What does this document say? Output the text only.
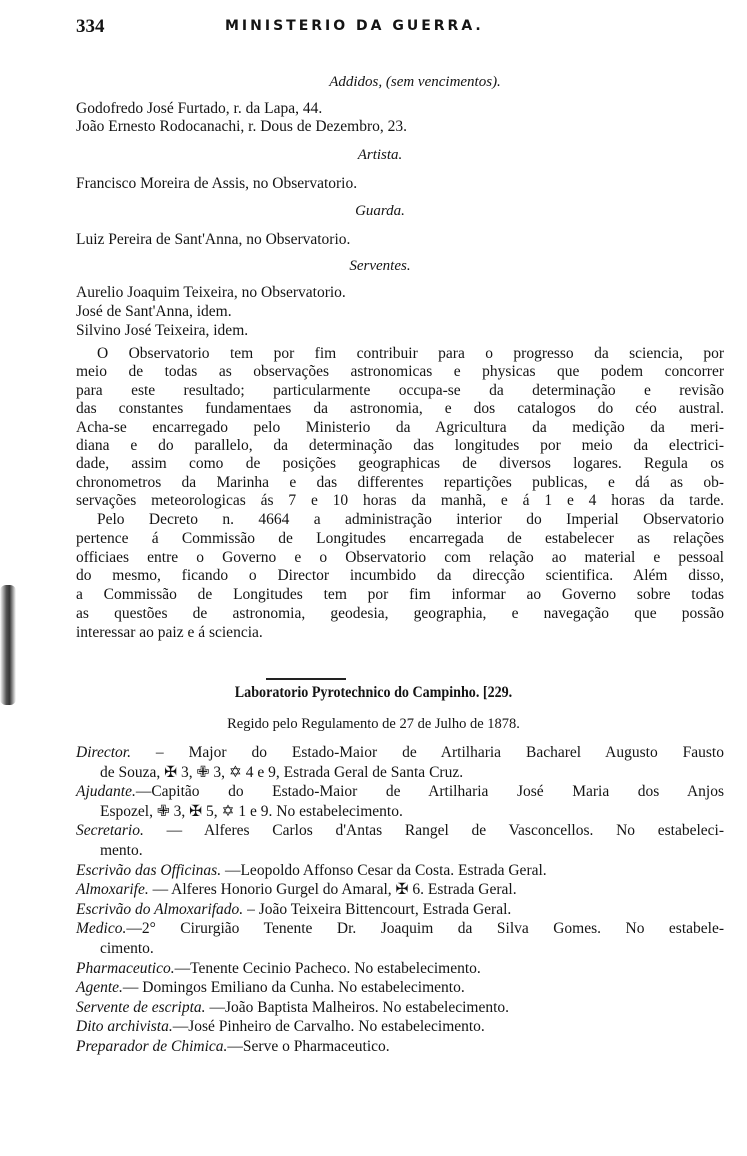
334	MINISTERIO DA GUERRA.
Addidos, (sem vencimentos).
Godofredo José Furtado, r. da Lapa, 44.
João Ernesto Rodocanachi, r. Dous de Dezembro, 23.
Artista.
Francisco Moreira de Assis, no Observatorio.
Guarda.
Luiz Pereira de Sant'Anna, no Observatorio.
Serventes.
Aurelio Joaquim Teixeira, no Observatorio.
José de Sant'Anna, idem.
Silvino José Teixeira, idem.
O Observatorio tem por fim contribuir para o progresso da sciencia, por
meio de todas as observações astronomicas e physicas que podem concorrer
para este resultado; particularmente occupa-se da determinação e revisão
das constantes fundamentaes da astronomia, e dos catalogos do céo austral.
Acha-se encarregado pelo Ministerio da Agricultura da medição da meri-
diana e do parallelo, da determinação das longitudes por meio da electrici-
dade, assim como de posições geographicas de diversos logares. Regula os
chronometros da Marinha e das differentes repartições publicas, e dá as ob-
servações meteorologicas ás 7 e 10 horas da manhã, e á 1 e 4 horas da tarde.
Pelo Decreto n. 4664 a administração interior do Imperial Observatorio
pertence á Commissão de Longitudes encarregada de estabelecer as relações
officiaes entre o Governo e o Observatorio com relação ao material e pessoal
do mesmo, ficando o Director incumbido da direcção scientifica. Além disso,
a Commissão de Longitudes tem por fim informar ao Governo sobre todas
as questões de astronomia, geodesia, geographia, e navegação que possão
interessar ao paiz e á sciencia.
Laboratorio Pyrotechnico do Campinho. [229.
Regido pelo Regulamento de 27 de Julho de 1878.
Director. – Major do Estado-Maior de Artilharia Bacharel Augusto Fausto
de Souza, ✠ 3, ✙ 3, ✡ 4 e 9, Estrada Geral de Santa Cruz.
Ajudante.—Capitão do Estado-Maior de Artilharia José Maria dos Anjos
Espozel, ✙ 3, ✠ 5, ✡ 1 e 9. No estabelecimento.
Secretario. — Alferes Carlos d'Antas Rangel de Vasconcellos. No estabeleci-
mento.
Escrivão das Officinas. —Leopoldo Affonso Cesar da Costa. Estrada Geral.
Almoxarife. — Alferes Honorio Gurgel do Amaral, ✠ 6. Estrada Geral.
Escrivão do Almoxarifado. – João Teixeira Bittencourt, Estrada Geral.
Medico.—2° Cirurgião Tenente Dr. Joaquim da Silva Gomes. No estabele-
cimento.
Pharmaceutico.—Tenente Cecinio Pacheco. No estabelecimento.
Agente.— Domingos Emiliano da Cunha. No estabelecimento.
Servente de escripta. —João Baptista Malheiros. No estabelecimento.
Dito archivista.—José Pinheiro de Carvalho. No estabelecimento.
Preparador de Chimica.—Serve o Pharmaceutico.
